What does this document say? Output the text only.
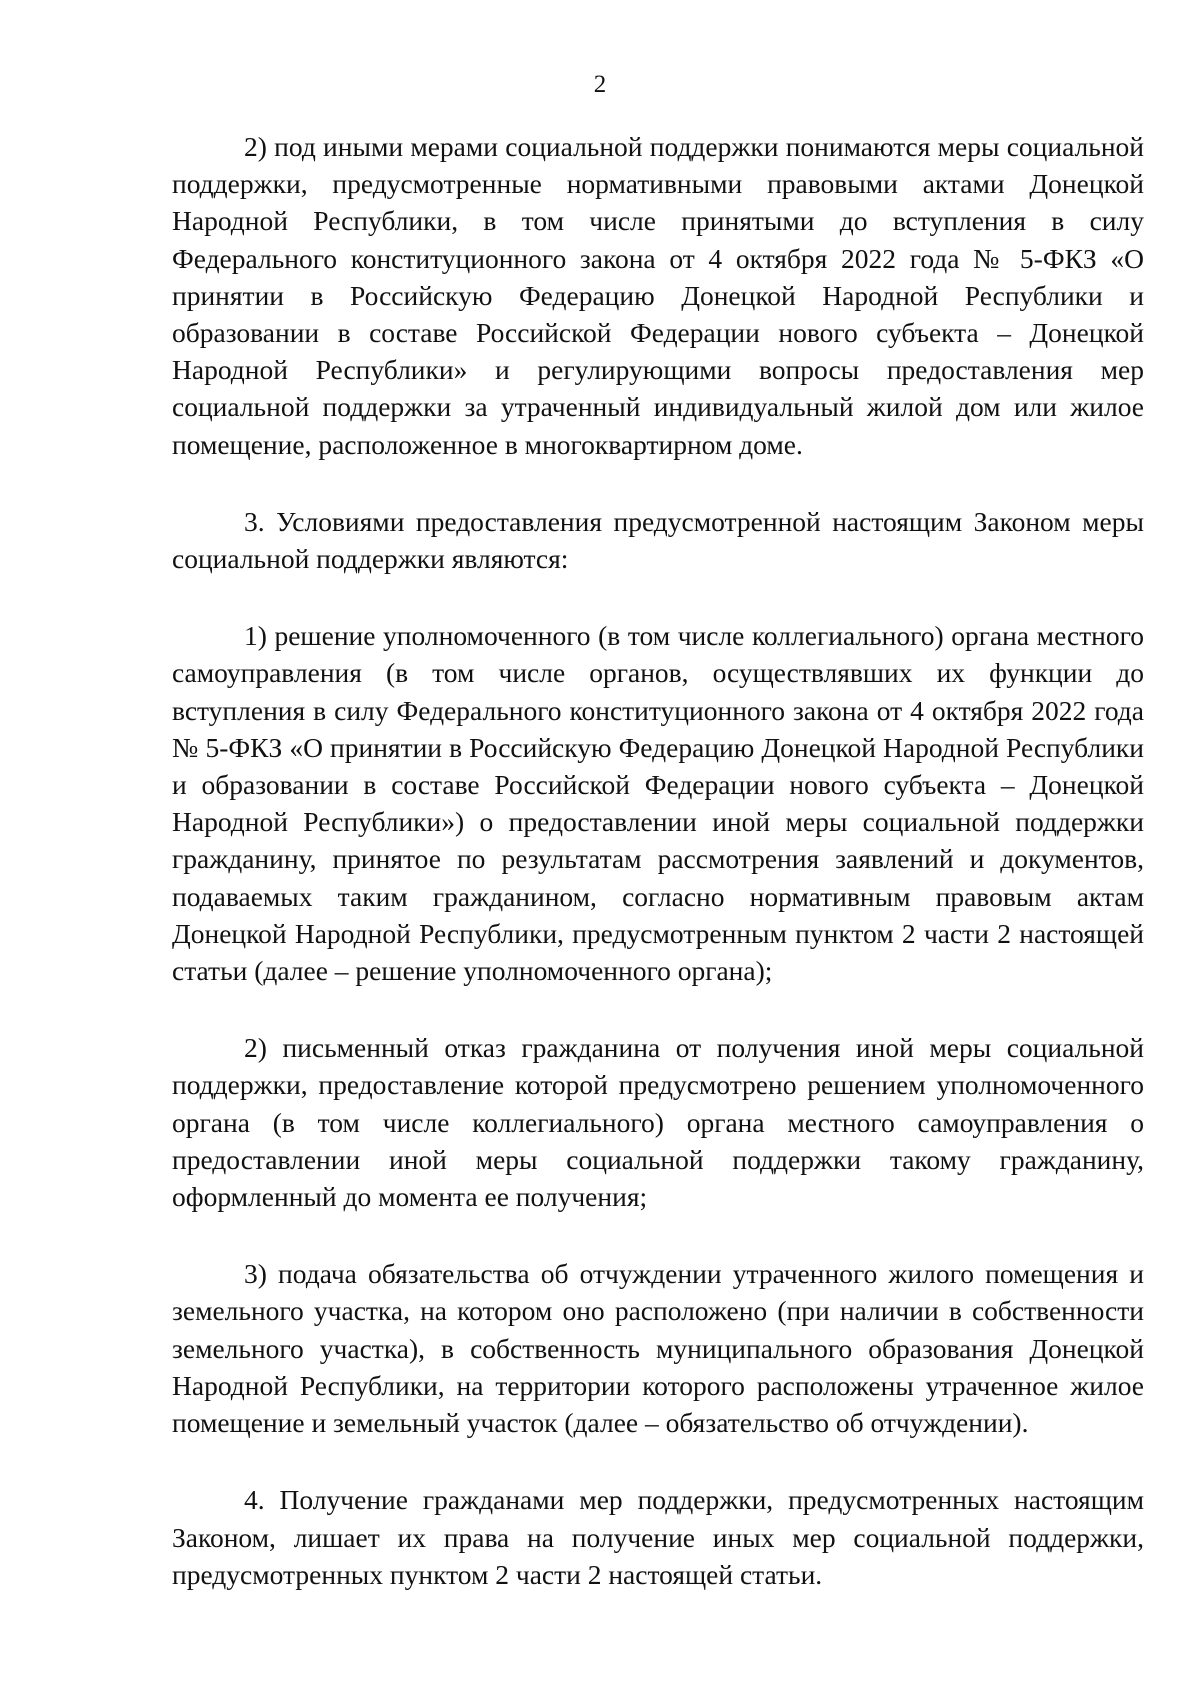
2

2) под иными мерами социальной поддержки понимаются меры социальной поддержки, предусмотренные нормативными правовыми актами Донецкой Народной Республики, в том числе принятыми до вступления в силу Федерального конституционного закона от 4 октября 2022 года № 5-ФКЗ «О принятии в Российскую Федерацию Донецкой Народной Республики и образовании в составе Российской Федерации нового субъекта – Донецкой Народной Республики» и регулирующими вопросы предоставления мер социальной поддержки за утраченный индивидуальный жилой дом или жилое помещение, расположенное в многоквартирном доме.

3. Условиями предоставления предусмотренной настоящим Законом меры социальной поддержки являются:

1) решение уполномоченного (в том числе коллегиального) органа местного самоуправления (в том числе органов, осуществлявших их функции до вступления в силу Федерального конституционного закона от 4 октября 2022 года № 5-ФКЗ «О принятии в Российскую Федерацию Донецкой Народной Республики и образовании в составе Российской Федерации нового субъекта – Донецкой Народной Республики») о предоставлении иной меры социальной поддержки гражданину, принятое по результатам рассмотрения заявлений и документов, подаваемых таким гражданином, согласно нормативным правовым актам Донецкой Народной Республики, предусмотренным пунктом 2 части 2 настоящей статьи (далее – решение уполномоченного органа);

2) письменный отказ гражданина от получения иной меры социальной поддержки, предоставление которой предусмотрено решением уполномоченного органа (в том числе коллегиального) органа местного самоуправления о предоставлении иной меры социальной поддержки такому гражданину, оформленный до момента ее получения;

3) подача обязательства об отчуждении утраченного жилого помещения и земельного участка, на котором оно расположено (при наличии в собственности земельного участка), в собственность муниципального образования Донецкой Народной Республики, на территории которого расположены утраченное жилое помещение и земельный участок (далее – обязательство об отчуждении).

4. Получение гражданами мер поддержки, предусмотренных настоящим Законом, лишает их права на получение иных мер социальной поддержки, предусмотренных пунктом 2 части 2 настоящей статьи.
